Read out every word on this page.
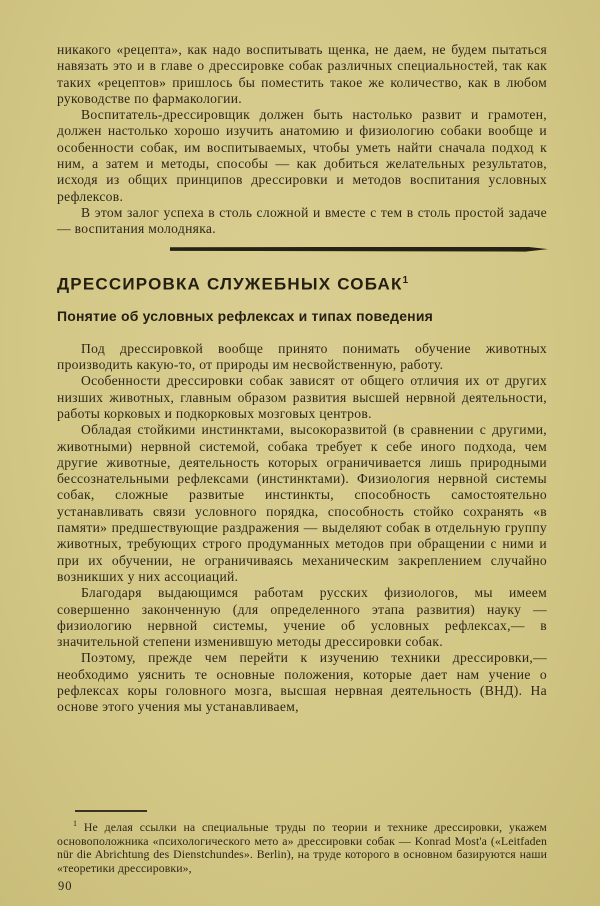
никакого «рецепта», как надо воспитывать щенка, не даем, не будем пытаться навязать это и в главе о дрессировке собак различных специальностей, так как таких «рецептов» пришлось бы поместить такое же количество, как в любом руководстве по фармакологии.

Воспитатель-дрессировщик должен быть настолько развит и грамотен, должен настолько хорошо изучить анатомию и физиологию собаки вообще и особенности собак, им воспитываемых, чтобы уметь найти сначала подход к ним, а затем и методы, способы — как добиться желательных результатов, исходя из общих принципов дрессировки и методов воспитания условных рефлексов.

В этом залог успеха в столь сложной и вместе с тем в столь простой задаче — воспитания молодняка.

ДРЕССИРОВКА СЛУЖЕБНЫХ СОБАК$^1$
Понятие об условных рефлексах и типах поведения

Под дрессировкой вообще принято понимать обучение животных производить какую-то, от природы им несвойственную, работу.

Особенности дрессировки собак зависят от общего отличия их от других низших животных, главным образом развития высшей нервной деятельности, работы корковых и подкорковых мозговых центров.

Обладая стойкими инстинктами, высокоразвитой (в сравнении с другими, животными) нервной системой, собака требует к себе иного подхода, чем другие животные, деятельность которых ограничивается лишь природными бессознательными рефлексами (инстинктами). Физиология нервной системы собак, сложные развитые инстинкты, способность самостоятельно устанавливать связи условного порядка, способность стойко сохранять «в памяти» предшествующие раздражения — выделяют собак в отдельную группу животных, требующих строго продуманных методов при обращении с ними и при их обучении, не ограничиваясь механическим закреплением случайно возникших у них ассоциаций.

Благодаря выдающимся работам русских физиологов, мы имеем совершенно законченную (для определенного этапа развития) науку — физиологию нервной системы, учение об условных рефлексах,— в значительной степени изменившую методы дрессировки собак.

Поэтому, прежде чем перейти к изучению техники дрессировки,— необходимо уяснить те основные положения, которые дает нам учение о рефлексах коры головного мозга, высшая нервная деятельность (ВНД). На основе этого учения мы устанавливаем,

$^1$ Не делая ссылки на специальные труды по теории и технике дрессировки, укажем основоположника «психологического мето а» дрессировки собак — Konrad Most'a («Leitfaden nür die Abrichtung des Dienstchundes». Berlin), на труде которого в основном базируются наши «теоретики дрессировки»,

90
